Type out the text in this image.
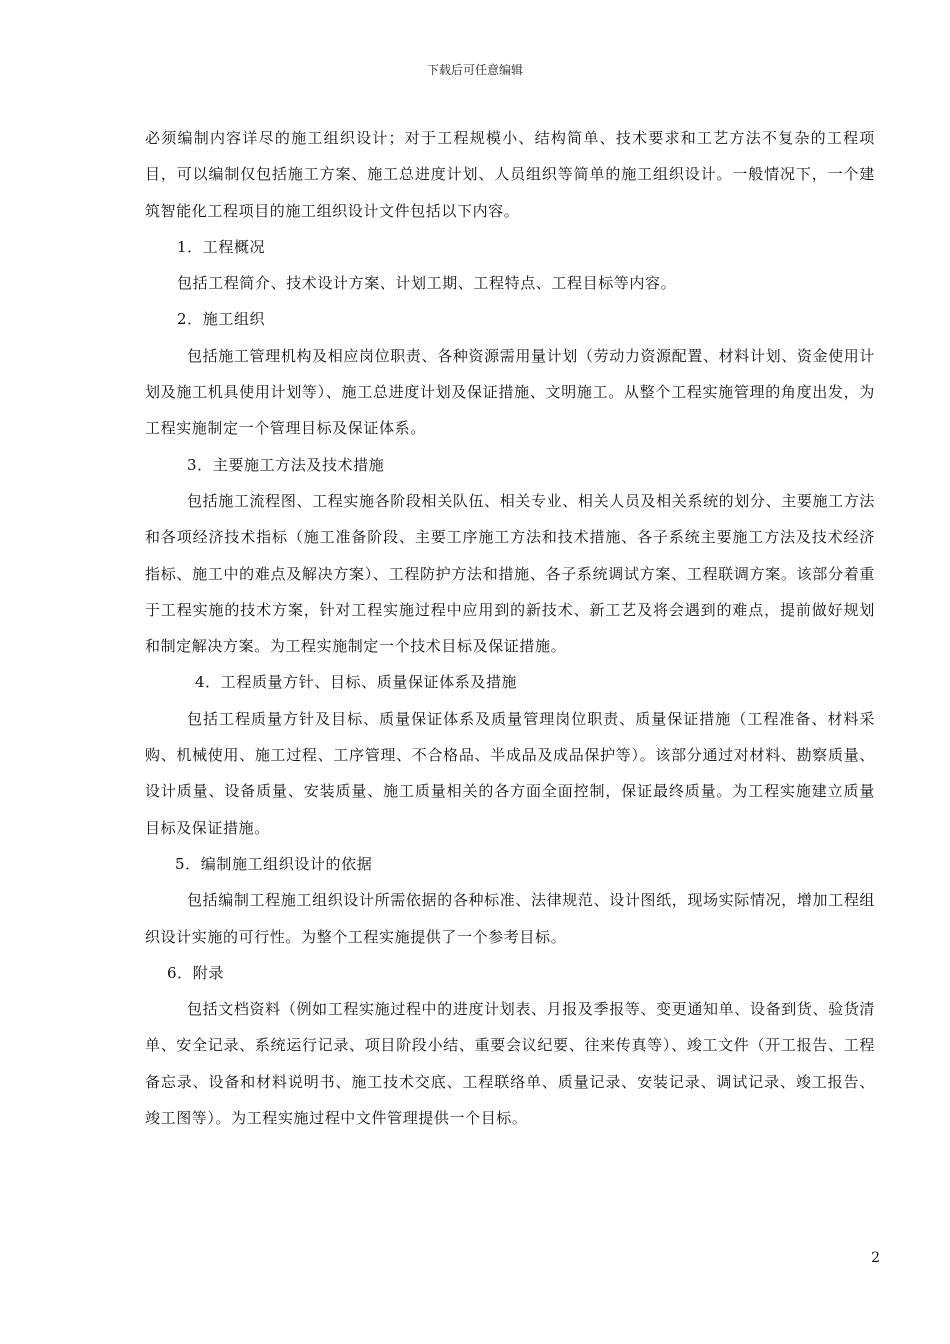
下载后可任意编辑

必须编制内容详尽的施工组织设计；对于工程规模小、结构简单、技术要求和工艺方法不复杂的工程项目，可以编制仅包括施工方案、施工总进度计划、人员组织等简单的施工组织设计。一般情况下，一个建筑智能化工程项目的施工组织设计文件包括以下内容。

1．工程概况

包括工程简介、技术设计方案、计划工期、工程特点、工程目标等内容。

2．施工组织

包括施工管理机构及相应岗位职责、各种资源需用量计划（劳动力资源配置、材料计划、资金使用计划及施工机具使用计划等）、施工总进度计划及保证措施、文明施工。从整个工程实施管理的角度出发，为工程实施制定一个管理目标及保证体系。

3．主要施工方法及技术措施

包括施工流程图、工程实施各阶段相关队伍、相关专业、相关人员及相关系统的划分、主要施工方法和各项经济技术指标（施工准备阶段、主要工序施工方法和技术措施、各子系统主要施工方法及技术经济指标、施工中的难点及解决方案）、工程防护方法和措施、各子系统调试方案、工程联调方案。该部分着重于工程实施的技术方案，针对工程实施过程中应用到的新技术、新工艺及将会遇到的难点，提前做好规划和制定解决方案。为工程实施制定一个技术目标及保证措施。

4．工程质量方针、目标、质量保证体系及措施

包括工程质量方针及目标、质量保证体系及质量管理岗位职责、质量保证措施（工程准备、材料采购、机械使用、施工过程、工序管理、不合格品、半成品及成品保护等）。该部分通过对材料、勘察质量、设计质量、设备质量、安装质量、施工质量相关的各方面全面控制，保证最终质量。为工程实施建立质量目标及保证措施。

5．编制施工组织设计的依据

包括编制工程施工组织设计所需依据的各种标准、法律规范、设计图纸，现场实际情况，增加工程组织设计实施的可行性。为整个工程实施提供了一个参考目标。

6．附录

包括文档资料（例如工程实施过程中的进度计划表、月报及季报等、变更通知单、设备到货、验货清单、安全记录、系统运行记录、项目阶段小结、重要会议纪要、往来传真等）、竣工文件（开工报告、工程备忘录、设备和材料说明书、施工技术交底、工程联络单、质量记录、安装记录、调试记录、竣工报告、竣工图等）。为工程实施过程中文件管理提供一个目标。

2
